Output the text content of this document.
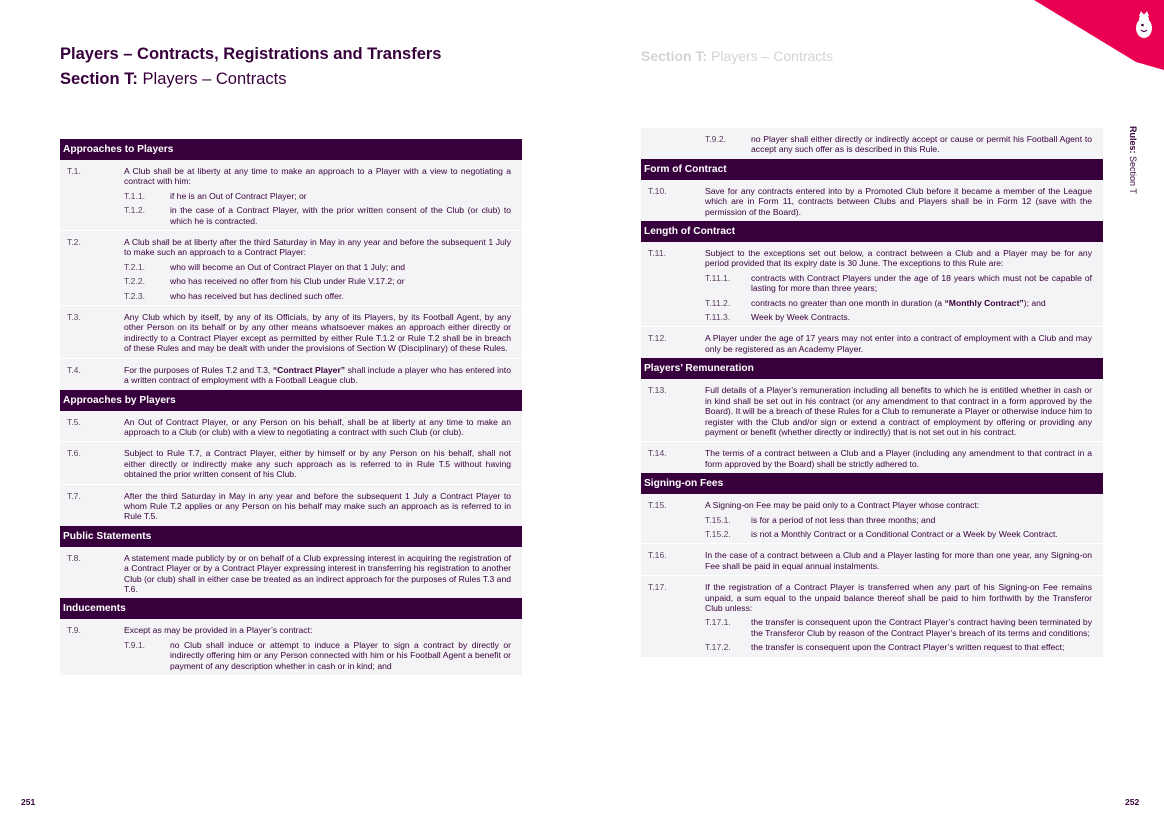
Players – Contracts, Registrations and Transfers
Section T: Players – Contracts
Approaches to Players
T.1.	A Club shall be at liberty at any time to make an approach to a Player with a view to negotiating a contract with him:
T.1.1.	if he is an Out of Contract Player; or
T.1.2.	in the case of a Contract Player, with the prior written consent of the Club (or club) to which he is contracted.
T.2.	A Club shall be at liberty after the third Saturday in May in any year and before the subsequent 1 July to make such an approach to a Contract Player:
T.2.1.	who will become an Out of Contract Player on that 1 July; and
T.2.2.	who has received no offer from his Club under Rule V.17.2; or
T.2.3.	who has received but has declined such offer.
T.3.	Any Club which by itself, by any of its Officials, by any of its Players, by its Football Agent, by any other Person on its behalf or by any other means whatsoever makes an approach either directly or indirectly to a Contract Player except as permitted by either Rule T.1.2 or Rule T.2 shall be in breach of these Rules and may be dealt with under the provisions of Section W (Disciplinary) of these Rules.
T.4.	For the purposes of Rules T.2 and T.3, “Contract Player” shall include a player who has entered into a written contract of employment with a Football League club.
Approaches by Players
T.5.	An Out of Contract Player, or any Person on his behalf, shall be at liberty at any time to make an approach to a Club (or club) with a view to negotiating a contract with such Club (or club).
T.6.	Subject to Rule T.7, a Contract Player, either by himself or by any Person on his behalf, shall not either directly or indirectly make any such approach as is referred to in Rule T.5 without having obtained the prior written consent of his Club.
T.7.	After the third Saturday in May in any year and before the subsequent 1 July a Contract Player to whom Rule T.2 applies or any Person on his behalf may make such an approach as is referred to in Rule T.5.
Public Statements
T.8.	A statement made publicly by or on behalf of a Club expressing interest in acquiring the registration of a Contract Player or by a Contract Player expressing interest in transferring his registration to another Club (or club) shall in either case be treated as an indirect approach for the purposes of Rules T.3 and T.6.
Inducements
T.9.	Except as may be provided in a Player’s contract:
T.9.1.	no Club shall induce or attempt to induce a Player to sign a contract by directly or indirectly offering him or any Person connected with him or his Football Agent a benefit or payment of any description whether in cash or in kind; and
251
Section T: Players – Contracts
T.9.2.	no Player shall either directly or indirectly accept or cause or permit his Football Agent to accept any such offer as is described in this Rule.
Form of Contract
T.10.	Save for any contracts entered into by a Promoted Club before it became a member of the League which are in Form 11, contracts between Clubs and Players shall be in Form 12 (save with the permission of the Board).
Length of Contract
T.11.	Subject to the exceptions set out below, a contract between a Club and a Player may be for any period provided that its expiry date is 30 June. The exceptions to this Rule are:
T.11.1.	contracts with Contract Players under the age of 18 years which must not be capable of lasting for more than three years;
T.11.2.	contracts no greater than one month in duration (a “Monthly Contract”); and
T.11.3.	Week by Week Contracts.
T.12.	A Player under the age of 17 years may not enter into a contract of employment with a Club and may only be registered as an Academy Player.
Players’ Remuneration
T.13.	Full details of a Player’s remuneration including all benefits to which he is entitled whether in cash or in kind shall be set out in his contract (or any amendment to that contract in a form approved by the Board). It will be a breach of these Rules for a Club to remunerate a Player or otherwise induce him to register with the Club and/or sign or extend a contract of employment by offering or providing any payment or benefit (whether directly or indirectly) that is not set out in his contract.
T.14.	The terms of a contract between a Club and a Player (including any amendment to that contract in a form approved by the Board) shall be strictly adhered to.
Signing-on Fees
T.15.	A Signing-on Fee may be paid only to a Contract Player whose contract:
T.15.1.	is for a period of not less than three months; and
T.15.2.	is not a Monthly Contract or a Conditional Contract or a Week by Week Contract.
T.16.	In the case of a contract between a Club and a Player lasting for more than one year, any Signing-on Fee shall be paid in equal annual instalments.
T.17.	If the registration of a Contract Player is transferred when any part of his Signing-on Fee remains unpaid, a sum equal to the unpaid balance thereof shall be paid to him forthwith by the Transferor Club unless:
T.17.1.	the transfer is consequent upon the Contract Player’s contract having been terminated by the Transferor Club by reason of the Contract Player’s breach of its terms and conditions;
T.17.2.	the transfer is consequent upon the Contract Player’s written request to that effect;
Rules: Section T
252
